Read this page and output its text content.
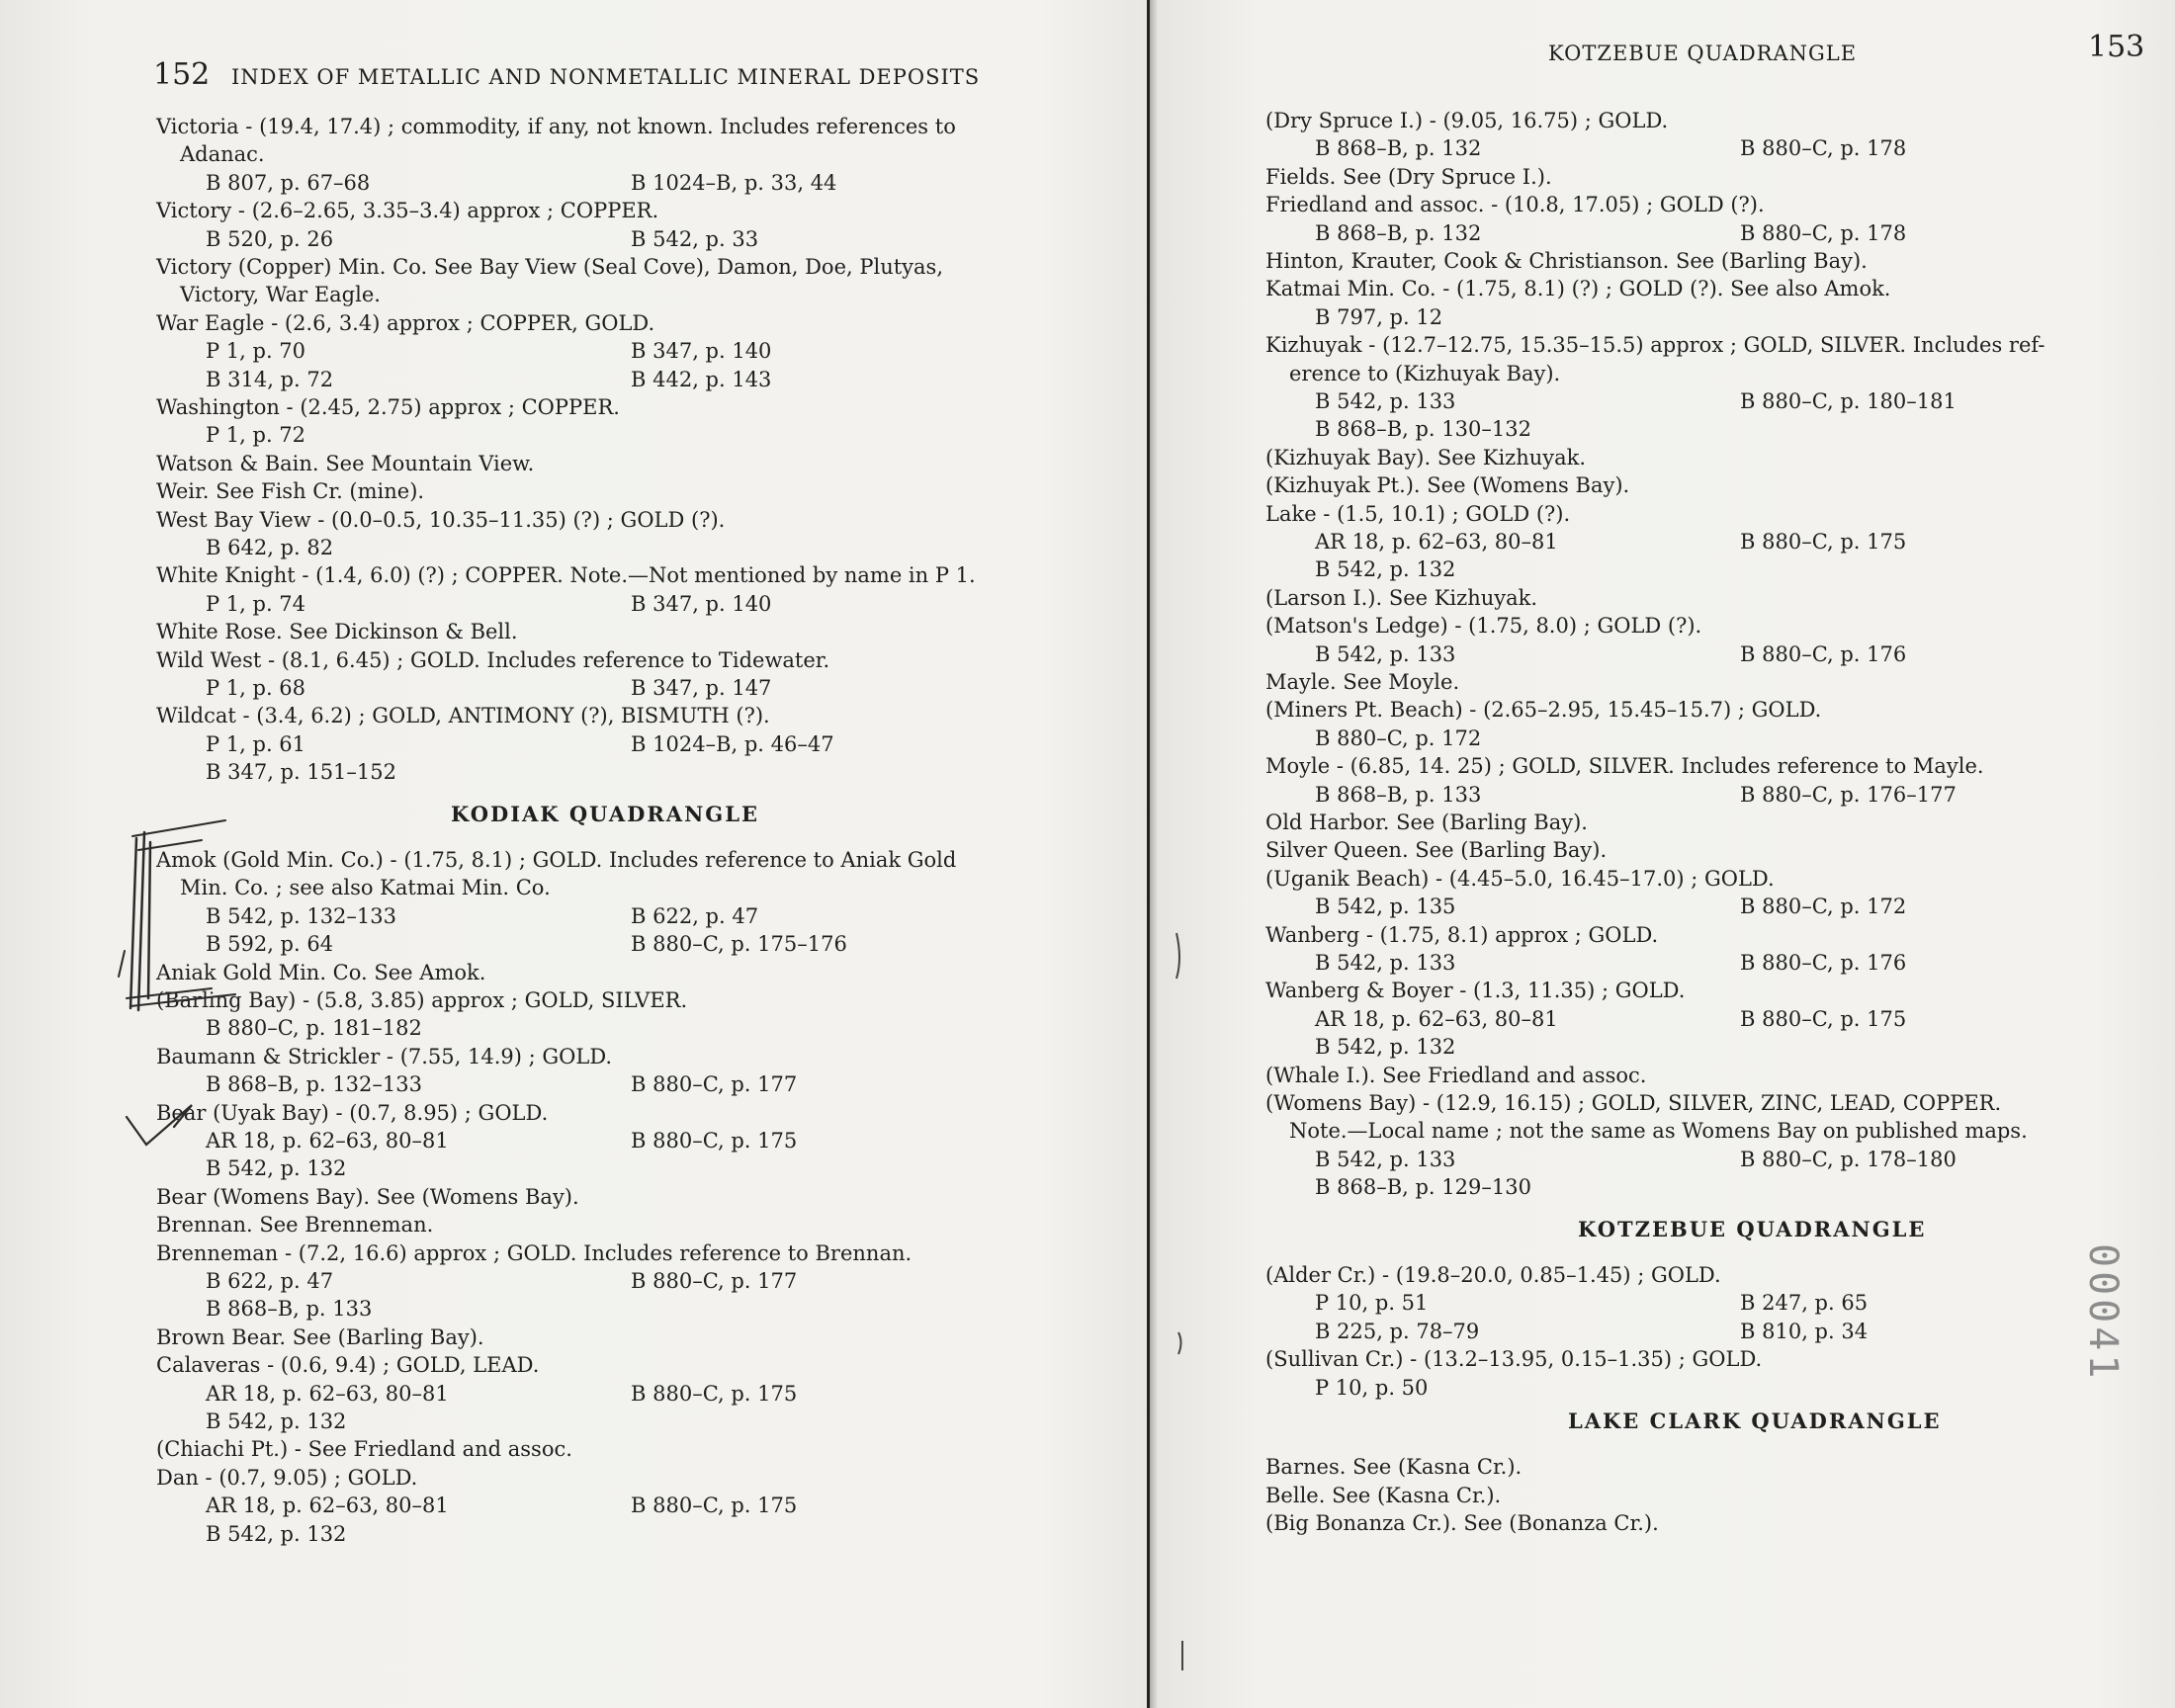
152 INDEX OF METALLIC AND NONMETALLIC MINERAL DEPOSITS
KOTZEBUE QUADRANGLE	153
Victoria - (19.4, 17.4) ; commodity, if any, not known. Includes references to
Adanac.
B 807, p. 67–68	B 1024–B, p. 33, 44
Victory - (2.6–2.65, 3.35–3.4) approx ; COPPER.
B 520, p. 26	B 542, p. 33
Victory (Copper) Min. Co. See Bay View (Seal Cove), Damon, Doe, Plutyas,
Victory, War Eagle.
War Eagle - (2.6, 3.4) approx ; COPPER, GOLD.
P 1, p. 70	B 347, p. 140
B 314, p. 72	B 442, p. 143
Washington - (2.45, 2.75) approx ; COPPER.
P 1, p. 72
Watson & Bain. See Mountain View.
Weir. See Fish Cr. (mine).
West Bay View - (0.0–0.5, 10.35–11.35) (?) ; GOLD (?).
B 642, p. 82
White Knight - (1.4, 6.0) (?) ; COPPER. Note.—Not mentioned by name in P 1.
P 1, p. 74	B 347, p. 140
White Rose. See Dickinson & Bell.
Wild West - (8.1, 6.45) ; GOLD. Includes reference to Tidewater.
P 1, p. 68	B 347, p. 147
Wildcat - (3.4, 6.2) ; GOLD, ANTIMONY (?), BISMUTH (?).
P 1, p. 61	B 1024–B, p. 46–47
B 347, p. 151–152
KODIAK QUADRANGLE
Amok (Gold Min. Co.) - (1.75, 8.1) ; GOLD. Includes reference to Aniak Gold
Min. Co. ; see also Katmai Min. Co.
B 542, p. 132–133	B 622, p. 47
B 592, p. 64	B 880–C, p. 175–176
Aniak Gold Min. Co. See Amok.
(Barling Bay) - (5.8, 3.85) approx ; GOLD, SILVER.
B 880–C, p. 181–182
Baumann & Strickler - (7.55, 14.9) ; GOLD.
B 868–B, p. 132–133	B 880–C, p. 177
Bear (Uyak Bay) - (0.7, 8.95) ; GOLD.
AR 18, p. 62–63, 80–81	B 880–C, p. 175
B 542, p. 132
Bear (Womens Bay). See (Womens Bay).
Brennan. See Brenneman.
Brenneman - (7.2, 16.6) approx ; GOLD. Includes reference to Brennan.
B 622, p. 47	B 880–C, p. 177
B 868–B, p. 133
Brown Bear. See (Barling Bay).
Calaveras - (0.6, 9.4) ; GOLD, LEAD.
AR 18, p. 62–63, 80–81	B 880–C, p. 175
B 542, p. 132
(Chiachi Pt.) - See Friedland and assoc.
Dan - (0.7, 9.05) ; GOLD.
AR 18, p. 62–63, 80–81	B 880–C, p. 175
B 542, p. 132
(Dry Spruce I.) - (9.05, 16.75) ; GOLD.
B 868–B, p. 132	B 880–C, p. 178
Fields. See (Dry Spruce I.).
Friedland and assoc. - (10.8, 17.05) ; GOLD (?).
B 868–B, p. 132	B 880–C, p. 178
Hinton, Krauter, Cook & Christianson. See (Barling Bay).
Katmai Min. Co. - (1.75, 8.1) (?) ; GOLD (?). See also Amok.
B 797, p. 12
Kizhuyak - (12.7–12.75, 15.35–15.5) approx ; GOLD, SILVER. Includes ref-
erence to (Kizhuyak Bay).
B 542, p. 133	B 880–C, p. 180–181
B 868–B, p. 130–132
(Kizhuyak Bay). See Kizhuyak.
(Kizhuyak Pt.). See (Womens Bay).
Lake - (1.5, 10.1) ; GOLD (?).
AR 18, p. 62–63, 80–81	B 880–C, p. 175
B 542, p. 132
(Larson I.). See Kizhuyak.
(Matson's Ledge) - (1.75, 8.0) ; GOLD (?).
B 542, p. 133	B 880–C, p. 176
Mayle. See Moyle.
(Miners Pt. Beach) - (2.65–2.95, 15.45–15.7) ; GOLD.
B 880–C, p. 172
Moyle - (6.85, 14. 25) ; GOLD, SILVER. Includes reference to Mayle.
B 868–B, p. 133	B 880–C, p. 176–177
Old Harbor. See (Barling Bay).
Silver Queen. See (Barling Bay).
(Uganik Beach) - (4.45–5.0, 16.45–17.0) ; GOLD.
B 542, p. 135	B 880–C, p. 172
Wanberg - (1.75, 8.1) approx ; GOLD.
B 542, p. 133	B 880–C, p. 176
Wanberg & Boyer - (1.3, 11.35) ; GOLD.
AR 18, p. 62–63, 80–81	B 880–C, p. 175
B 542, p. 132
(Whale I.). See Friedland and assoc.
(Womens Bay) - (12.9, 16.15) ; GOLD, SILVER, ZINC, LEAD, COPPER.
Note.—Local name ; not the same as Womens Bay on published maps.
B 542, p. 133	B 880–C, p. 178–180
B 868–B, p. 129–130
KOTZEBUE QUADRANGLE
(Alder Cr.) - (19.8–20.0, 0.85–1.45) ; GOLD.
P 10, p. 51	B 247, p. 65
B 225, p. 78–79	B 810, p. 34
(Sullivan Cr.) - (13.2–13.95, 0.15–1.35) ; GOLD.
P 10, p. 50
LAKE CLARK QUADRANGLE
Barnes. See (Kasna Cr.).
Belle. See (Kasna Cr.).
(Big Bonanza Cr.). See (Bonanza Cr.).
00041
